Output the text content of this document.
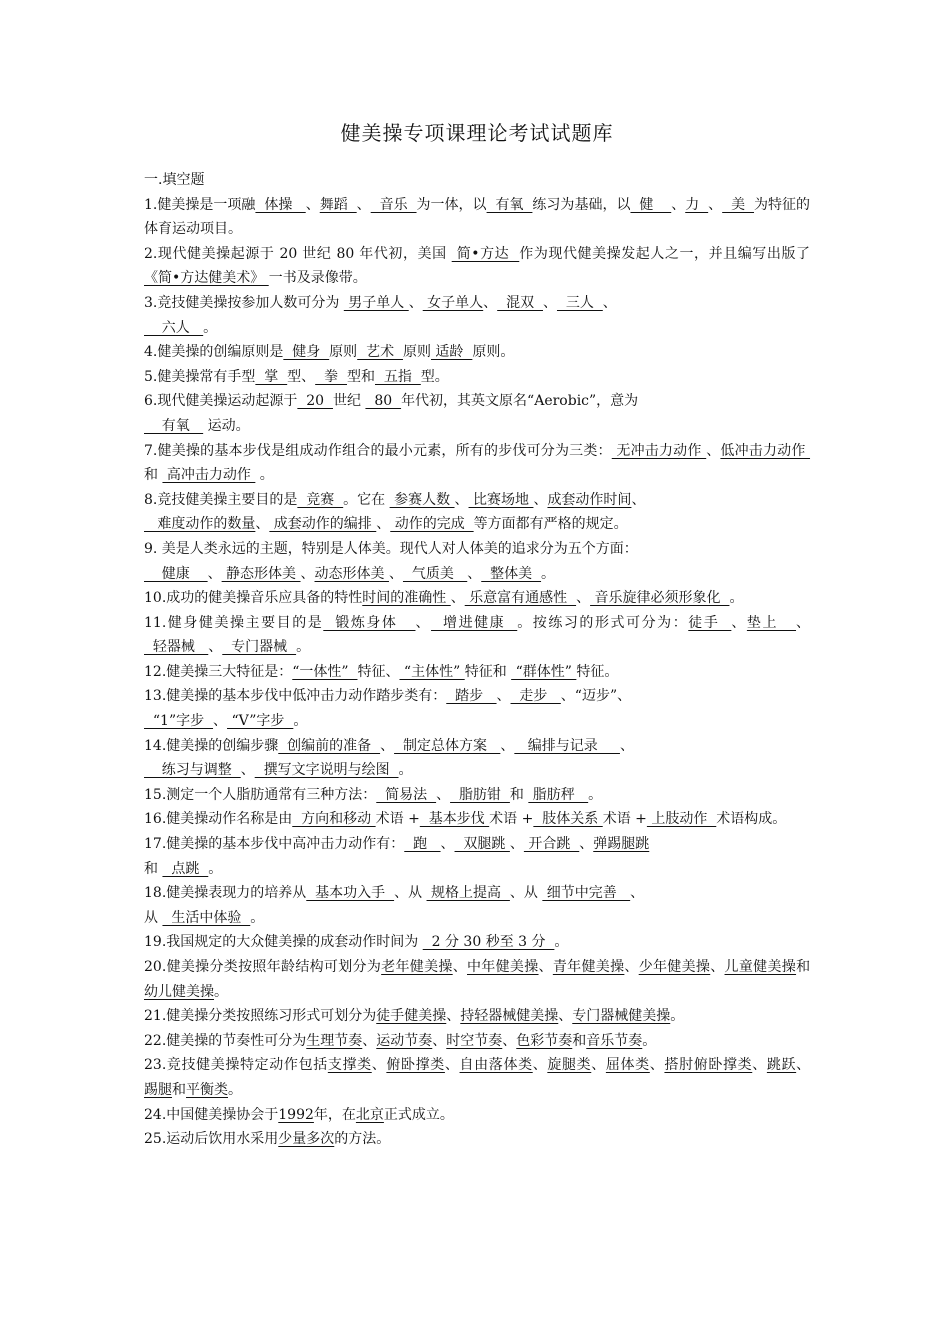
健美操专项课理论考试试题库
一.填空题
1.健美操是一项融  体操   、舞蹈  、  音乐  为一体，以  有氧  练习为基础，以  健    、力  、  美  为特征的体育运动项目。
2.现代健美操起源于 20 世纪 80 年代初，美国  简•方达  作为现代健美操发起人之一，并且编写出版了 《简•方达健美术》 一书及录像带。
3.竞技健美操按参加人数可分为  男子单人 、 女子单人、  混双  、  三人  、
六人   。
4.健美操的创编原则是  健身  原则  艺术  原则 适龄  原则。
5.健美操常有手型  掌  型、  拳  型和  五指  型。
6.现代健美操运动起源于  20  世纪   80  年代初，其英文原名“Aerobic”，意为
有氧    运动。
7.健美操的基本步伐是组成动作组合的最小元素，所有的步伐可分为三类： 无冲击力动作 、低冲击力动作  和  高冲击力动作  。
8.竞技健美操主要目的是  竞赛  。它在  参赛人数 、 比赛场地 、成套动作时间、
难度动作的数量、 成套动作的编排 、 动作的完成  等方面都有严格的规定。
9. 美是人类永远的主题，特别是人体美。现代人对人体美的追求分为五个方面：
健康    、 静态形体美 、动态形体美 、  气质美   、  整体美  。
10.成功的健美操音乐应具备的特性时间的准确性 、 乐意富有通感性  、 音乐旋律必须形象化  。
11.健身健美操主要目的是  锻炼身体   、  增进健康  。按练习的形式可分为：徒手  、垫上   、  轻器械   、  专门器械  。
12.健美操三大特征是：“一体性”  特征、 “主体性” 特征和  “群体性” 特征。
13.健美操的基本步伐中低冲击力动作踏步类有：  踏步   、  走步   、“迈步”、
“1”字步  、 “V”字步  。
14.健美操的创编步骤  创编前的准备  、  制定总体方案   、   编排与记录     、
练习与调整  、  撰写文字说明与绘图  。
15.测定一个人脂肪通常有三种方法：  简易法  、  脂肪钳  和  脂肪秤   。
16.健美操动作名称是由  方向和移动 术语 +  基本步伐 术语 +  肢体关系 术语 + 上肢动作  术语构成。
17.健美操的基本步伐中高冲击力动作有：  跑   、  双腿跳 、 开合跳  、弹踢腿跳
和   点跳  。
18.健美操表现力的培养从  基本功入手  、从  规格上提高  、从  细节中完善   、
从   生活中体验  。
19.我国规定的大众健美操的成套动作时间为   2 分 30 秒至 3 分  。
20.健美操分类按照年龄结构可划分为老年健美操、中年健美操、青年健美操、少年健美操、儿童健美操和幼儿健美操。
21.健美操分类按照练习形式可划分为徒手健美操、持轻器械健美操、专门器械健美操。
22.健美操的节奏性可分为生理节奏、运动节奏、时空节奏、色彩节奏和音乐节奏。
23.竞技健美操特定动作包括支撑类、俯卧撑类、自由落体类、旋腿类、屈体类、搭肘俯卧撑类、跳跃、踢腿和平衡类。
24.中国健美操协会于1992年，在北京正式成立。
25.运动后饮用水采用少量多次的方法。
